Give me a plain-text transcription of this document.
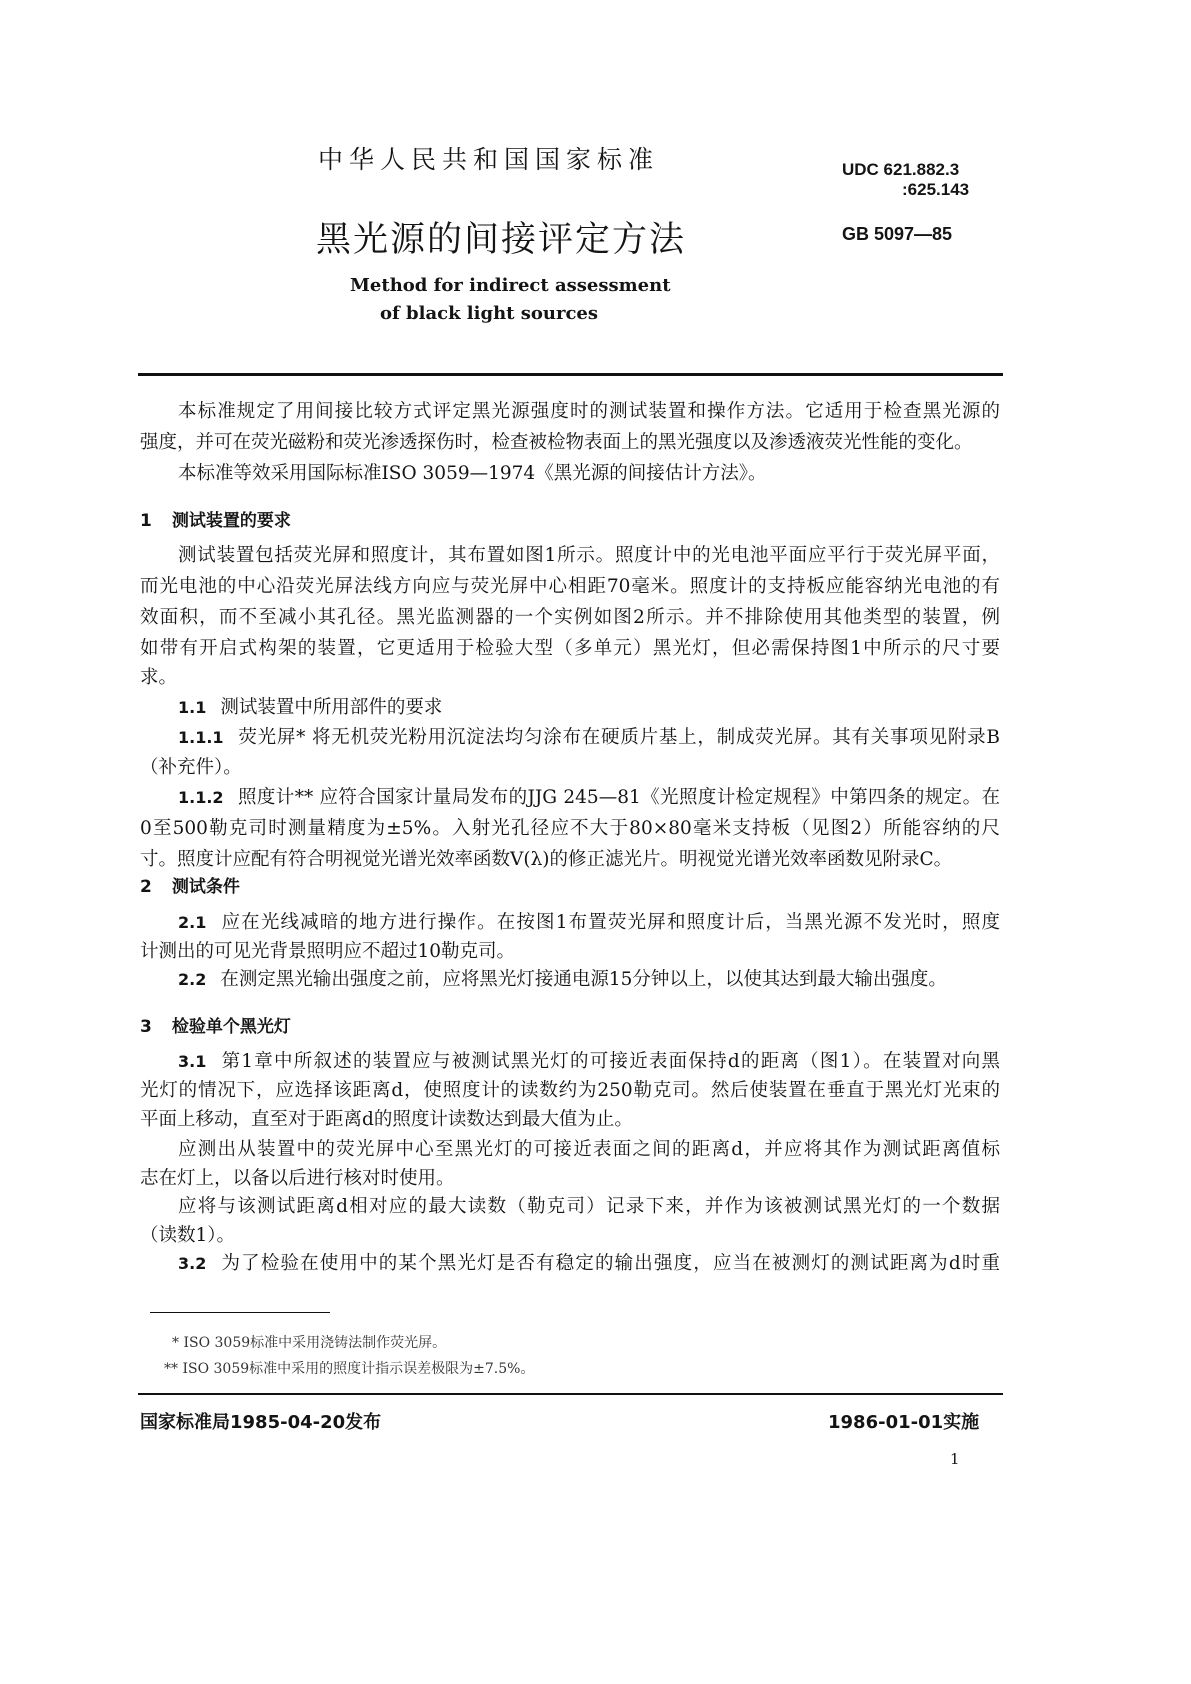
中华人民共和国国家标准	UDC 621.882.3
:625.143
黑光源的间接评定方法	GB 5097—85
Method for indirect assessment
of black light sources
本标准规定了用间接比较方式评定黑光源强度时的测试装置和操作方法。它适用于检查黑光源的
强度，并可在荧光磁粉和荧光渗透探伤时，检查被检物表面上的黑光强度以及渗透液荧光性能的变化。
本标准等效采用国际标准ISO 3059—1974《黑光源的间接估计方法》。
1 测试装置的要求
测试装置包括荧光屏和照度计，其布置如图1所示。照度计中的光电池平面应平行于荧光屏平面，
而光电池的中心沿荧光屏法线方向应与荧光屏中心相距70毫米。照度计的支持板应能容纳光电池的有
效面积，而不至减小其孔径。黑光监测器的一个实例如图2所示。并不排除使用其他类型的装置，例
如带有开启式构架的装置，它更适用于检验大型（多单元）黑光灯，但必需保持图1中所示的尺寸要
求。
1.1 测试装置中所用部件的要求
1.1.1 荧光屏* 将无机荧光粉用沉淀法均匀涂布在硬质片基上，制成荧光屏。其有关事项见附录B
（补充件）。
1.1.2 照度计** 应符合国家计量局发布的JJG 245—81《光照度计检定规程》中第四条的规定。在
0至500勒克司时测量精度为±5%。入射光孔径应不大于80×80毫米支持板（见图2）所能容纳的尺
寸。照度计应配有符合明视觉光谱光效率函数V(λ)的修正滤光片。明视觉光谱光效率函数见附录C。
2 测试条件
2.1 应在光线减暗的地方进行操作。在按图1布置荧光屏和照度计后，当黑光源不发光时，照度
计测出的可见光背景照明应不超过10勒克司。
2.2 在测定黑光输出强度之前，应将黑光灯接通电源15分钟以上，以使其达到最大输出强度。
3 检验单个黑光灯
3.1 第1章中所叙述的装置应与被测试黑光灯的可接近表面保持d的距离（图1）。在装置对向黑
光灯的情况下，应选择该距离d，使照度计的读数约为250勒克司。然后使装置在垂直于黑光灯光束的
平面上移动，直至对于距离d的照度计读数达到最大值为止。
应测出从装置中的荧光屏中心至黑光灯的可接近表面之间的距离d，并应将其作为测试距离值标
志在灯上，以备以后进行核对时使用。
应将与该测试距离d相对应的最大读数（勒克司）记录下来，并作为该被测试黑光灯的一个数据
（读数1）。
3.2 为了检验在使用中的某个黑光灯是否有稳定的输出强度，应当在被测灯的测试距离为d时重
* ISO 3059标准中采用浇铸法制作荧光屏。
** ISO 3059标准中采用的照度计指示误差极限为±7.5%。
国家标准局1985-04-20发布	1986-01-01实施
1
